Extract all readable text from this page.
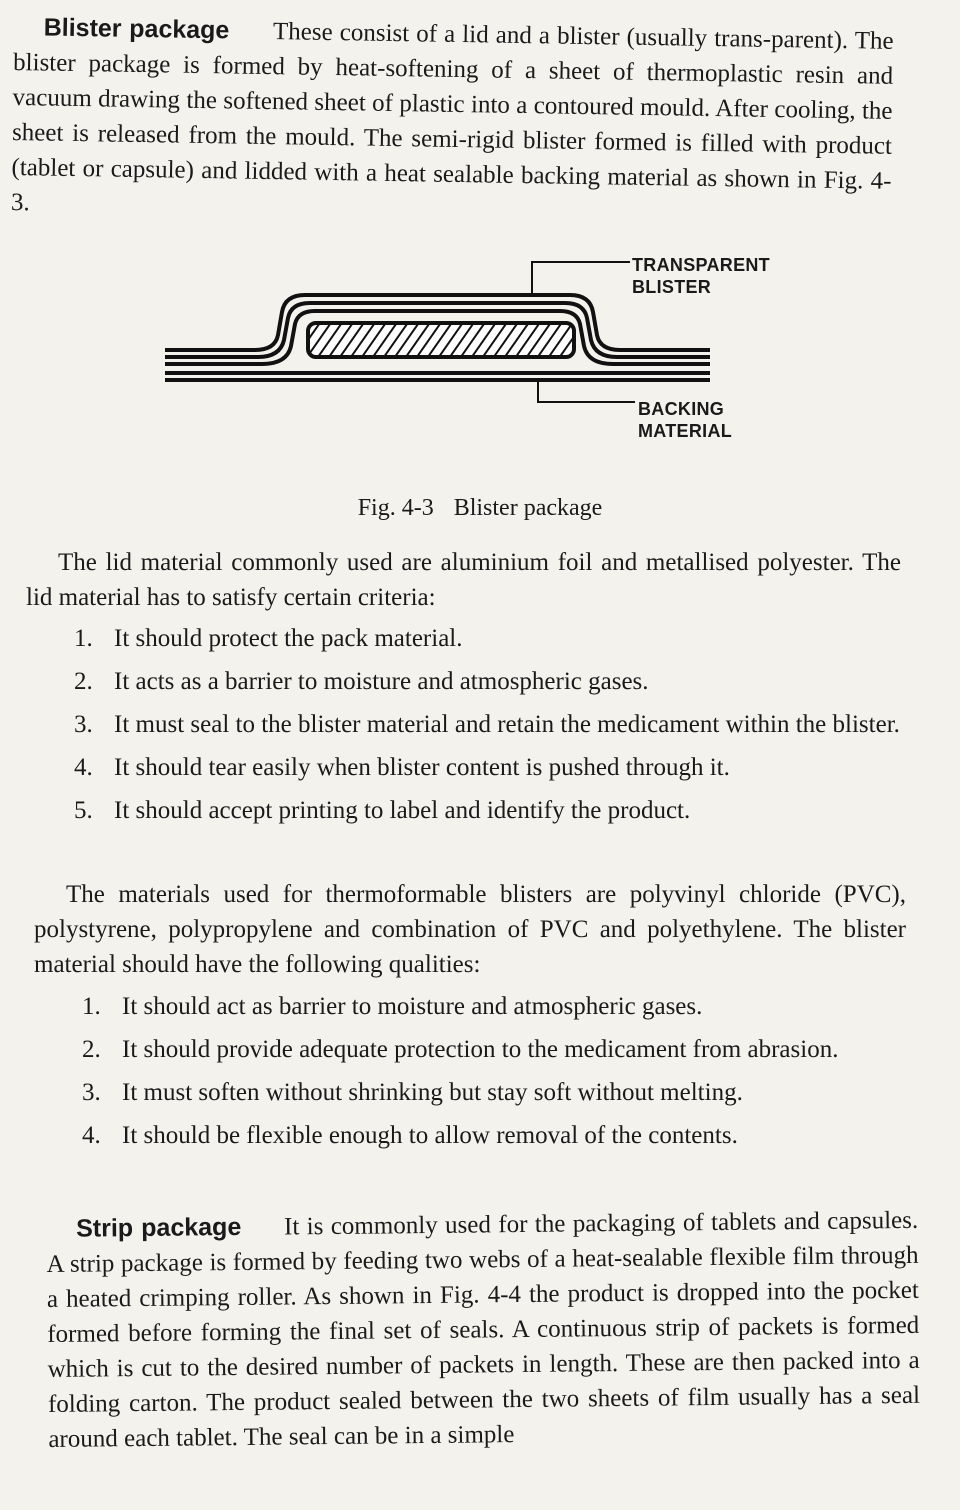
Blister package These consist of a lid and a blister (usually trans-parent). The blister package is formed by heat-softening of a sheet of thermoplastic resin and vacuum drawing the softened sheet of plastic into a contoured mould. After cooling, the sheet is released from the mould. The semi-rigid blister formed is filled with product (tablet or capsule) and lidded with a heat sealable backing material as shown in Fig. 4-3.

TRANSPARENT
BLISTER
BACKING
MATERIAL
Fig. 4-3 Blister package

The lid material commonly used are aluminium foil and metallised polyester. The lid material has to satisfy certain criteria:

1. It should protect the pack material.
2. It acts as a barrier to moisture and atmospheric gases.
3. It must seal to the blister material and retain the medicament within the blister.
4. It should tear easily when blister content is pushed through it.
5. It should accept printing to label and identify the product.

The materials used for thermoformable blisters are polyvinyl chloride (PVC), polystyrene, polypropylene and combination of PVC and polyethylene. The blister material should have the following qualities:

1. It should act as barrier to moisture and atmospheric gases.
2. It should provide adequate protection to the medicament from abrasion.
3. It must soften without shrinking but stay soft without melting.
4. It should be flexible enough to allow removal of the contents.

Strip package It is commonly used for the packaging of tablets and capsules. A strip package is formed by feeding two webs of a heat-sealable flexible film through a heated crimping roller. As shown in Fig. 4-4 the product is dropped into the pocket formed before forming the final set of seals. A continuous strip of packets is formed which is cut to the desired number of packets in length. These are then packed into a folding carton. The product sealed between the two sheets of film usually has a seal around each tablet. The seal can be in a simple
